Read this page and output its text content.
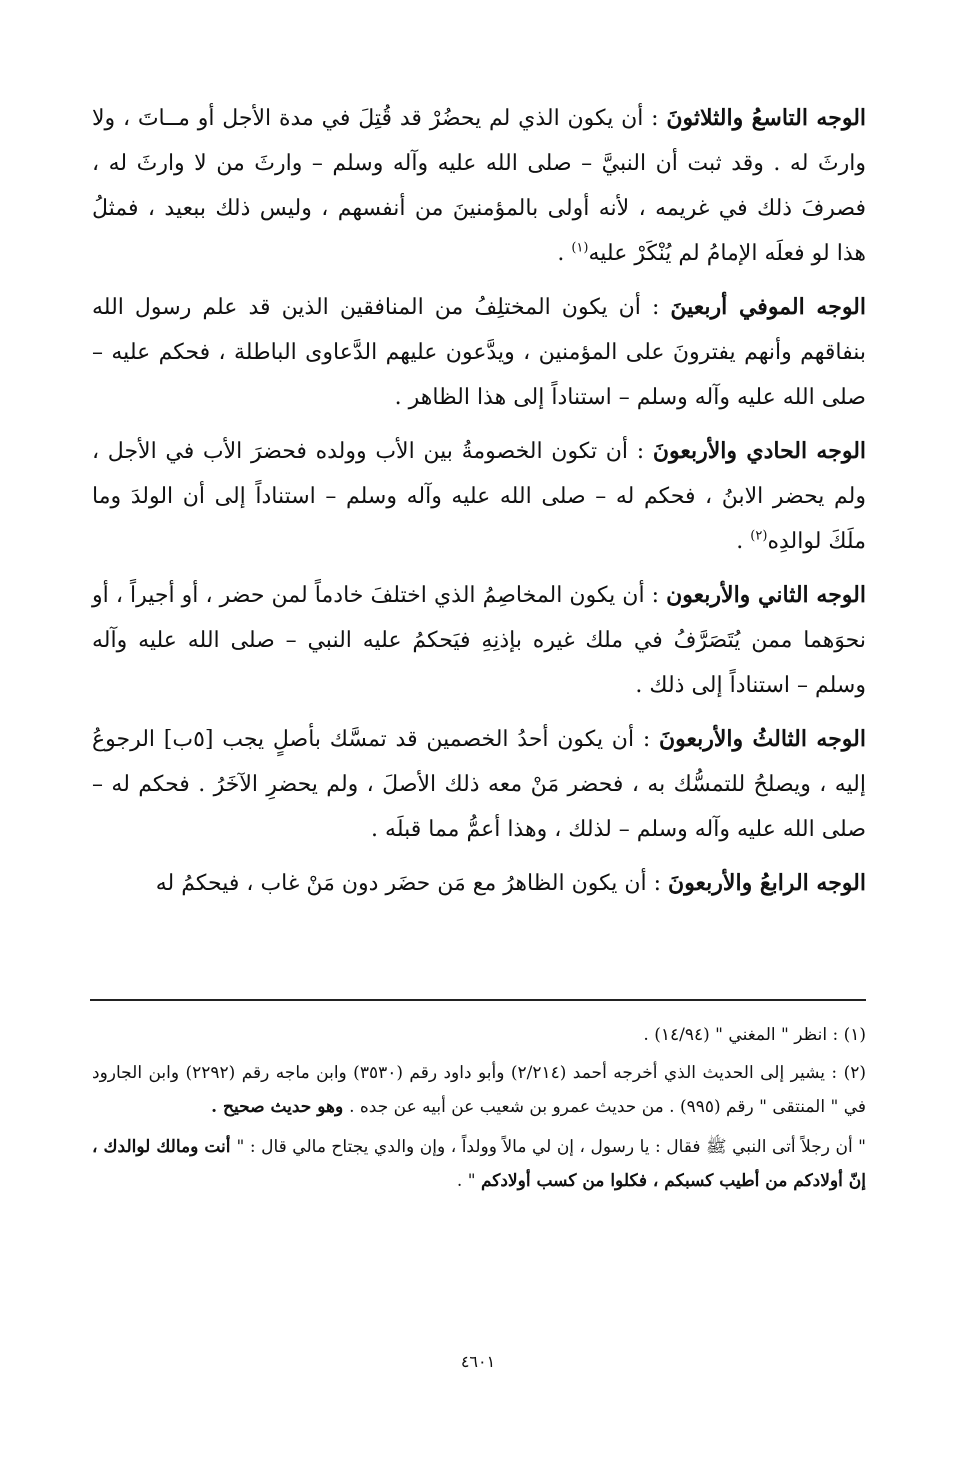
الوجه التاسعُ والثلاثونَ : أن يكون الذي لم يحضُرْ قد قُتِلَ في مدة الأجل أو مــاتَ ، ولا وارثَ له . وقد ثبت أن النبيَّ – صلى الله عليه وآله وسلم – وارثَ من لا وارثَ له ، فصرفَ ذلك في غريمه ، لأنه أولى بالمؤمنينَ من أنفسهم ، وليس ذلك ببعيد ، فمثلُ هذا لو فعلَه الإمامُ لم يُنْكَرْ عليه$^{(١)}$ .

الوجه الموفي أربعينَ : أن يكون المختلِفُ من المنافقين الذين قد علم رسول الله بنفاقهم وأنهم يفترونَ على المؤمنين ، ويدَّعون عليهم الدَّعاوى الباطلة ، فحكم عليه – صلى الله عليه وآله وسلم – استناداً إلى هذا الظاهر .

الوجه الحادي والأربعونَ : أن تكون الخصومةُ بين الأب وولده فحضرَ الأب في الأجل ، ولم يحضر الابنُ ، فحكم له – صلى الله عليه وآله وسلم – استناداً إلى أن الولدَ وما ملَكَ لوالدِه$^{(٢)}$ .

الوجه الثاني والأربعون : أن يكون المخاصِمُ الذي اختلفَ خادماً لمن حضر ، أو أجيراً ، أو نحوَهما ممن يُتَصَرَّفُ في ملك غيره بإذنِهِ فيَحكمُ عليه النبي – صلى الله عليه وآله وسلم – استناداً إلى ذلك .

الوجه الثالثُ والأربعونَ : أن يكون أحدُ الخصمين قد تمسَّك بأصلٍ يجب [٥ب] الرجوعُ إليه ، ويصلحُ للتمسُّك به ، فحضر مَنْ معه ذلك الأصلَ ، ولم يحضرِ الآخَرُ . فحكم له – صلى الله عليه وآله وسلم – لذلك ، وهذا أعمُّ مما قبلَه .

الوجه الرابعُ والأربعونَ : أن يكون الظاهرُ مع مَن حضَر دون مَنْ غاب ، فيحكمُ له

(١) : انظر " المغني " (١٤/٩٤) .

(٢) : يشير إلى الحديث الذي أخرجه أحمد (٢/٢١٤) وأبو داود رقم (٣٥٣٠) وابن ماجه رقم (٢٢٩٢) وابن الجارود في " المنتقى " رقم (٩٩٥) . من حديث عمرو بن شعيب عن أبيه عن جده . وهو حديث صحيح .

" أن رجلاً أتى النبي ﷺ فقال : يا رسول ، إن لي مالاً وولداً ، وإن والدي يجتاح مالي قال : " أنت ومالك لوالدك ، إنّ أولادكم من أطيب كسبكم ، فكلوا من كسب أولادكم " .

٤٦٠١
